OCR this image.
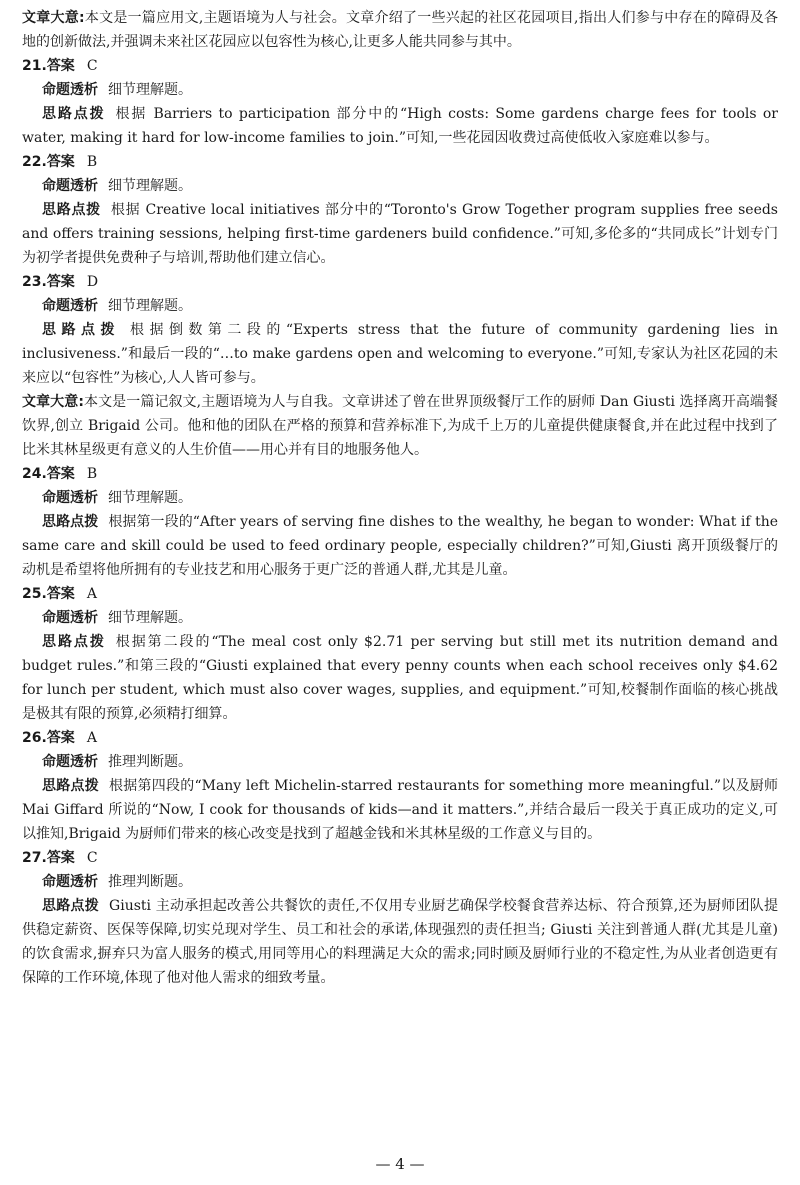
文章大意:本文是一篇应用文,主题语境为人与社会。文章介绍了一些兴起的社区花园项目,指出人们参与中存在的障碍及各地的创新做法,并强调未来社区花园应以包容性为核心,让更多人能共同参与其中。

21.答案 C

命题透析 细节理解题。

思路点拨 根据 Barriers to participation 部分中的“High costs: Some gardens charge fees for tools or water, making it hard for low-income families to join.”可知,一些花园因收费过高使低收入家庭难以参与。

22.答案 B

命题透析 细节理解题。

思路点拨 根据 Creative local initiatives 部分中的“Toronto's Grow Together program supplies free seeds and offers training sessions, helping first-time gardeners build confidence.”可知,多伦多的“共同成长”计划专门为初学者提供免费种子与培训,帮助他们建立信心。

23.答案 D

命题透析 细节理解题。

思路点拨 根据倒数第二段的“Experts stress that the future of community gardening lies in inclusiveness.”和最后一段的“…to make gardens open and welcoming to everyone.”可知,专家认为社区花园的未来应以“包容性”为核心,人人皆可参与。

文章大意:本文是一篇记叙文,主题语境为人与自我。文章讲述了曾在世界顶级餐厅工作的厨师 Dan Giusti 选择离开高端餐饮界,创立 Brigaid 公司。他和他的团队在严格的预算和营养标准下,为成千上万的儿童提供健康餐食,并在此过程中找到了比米其林星级更有意义的人生价值——用心并有目的地服务他人。

24.答案 B

命题透析 细节理解题。

思路点拨 根据第一段的“After years of serving fine dishes to the wealthy, he began to wonder: What if the same care and skill could be used to feed ordinary people, especially children?”可知,Giusti 离开顶级餐厅的动机是希望将他所拥有的专业技艺和用心服务于更广泛的普通人群,尤其是儿童。

25.答案 A

命题透析 细节理解题。

思路点拨 根据第二段的“The meal cost only $2.71 per serving but still met its nutrition demand and budget rules.”和第三段的“Giusti explained that every penny counts when each school receives only $4.62 for lunch per student, which must also cover wages, supplies, and equipment.”可知,校餐制作面临的核心挑战是极其有限的预算,必须精打细算。

26.答案 A

命题透析 推理判断题。

思路点拨 根据第四段的“Many left Michelin-starred restaurants for something more meaningful.”以及厨师 Mai Giffard 所说的“Now, I cook for thousands of kids—and it matters.”,并结合最后一段关于真正成功的定义,可以推知,Brigaid 为厨师们带来的核心改变是找到了超越金钱和米其林星级的工作意义与目的。

27.答案 C

命题透析 推理判断题。

思路点拨 Giusti 主动承担起改善公共餐饮的责任,不仅用专业厨艺确保学校餐食营养达标、符合预算,还为厨师团队提供稳定薪资、医保等保障,切实兑现对学生、员工和社会的承诺,体现强烈的责任担当; Giusti 关注到普通人群(尤其是儿童)的饮食需求,摒弃只为富人服务的模式,用同等用心的料理满足大众的需求;同时顾及厨师行业的不稳定性,为从业者创造更有保障的工作环境,体现了他对他人需求的细致考量。

— 4 —
